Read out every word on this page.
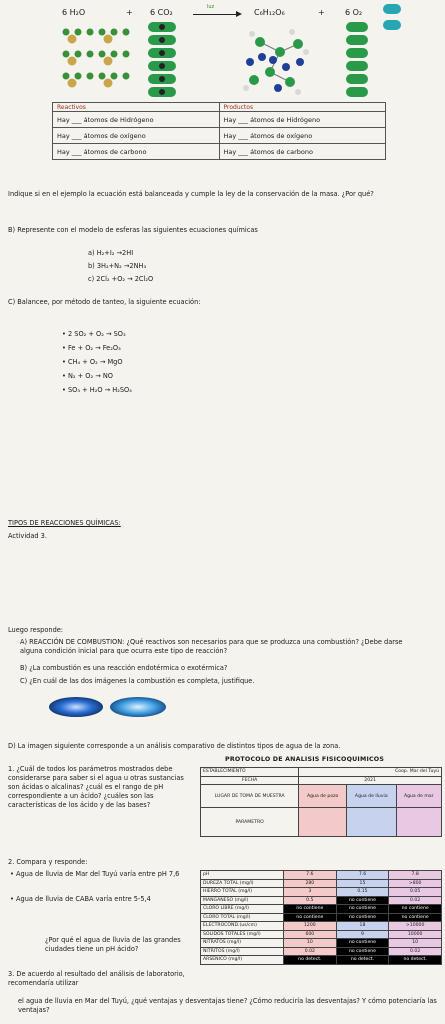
6 H₂O	+ 6 CO₂
luz
C₆H₁₂O₆	+	6 O₂
Reactivos	Productos
Hay ___ átomos de Hidrógeno	Hay ___ átomos de Hidrógeno
Hay ___ átomos de oxígeno	Hay ___ átomos de oxígeno
Hay ___ átomos de carbono	Hay ___ átomos de carbono
Indique si en el ejemplo la ecuación está balanceada y cumple la ley de la conservación de la masa. ¿Por qué?
B) Represente con el modelo de esferas las siguientes ecuaciones químicas
a) H₂+I₂ →2HI
b) 3H₂+N₂ →2NH₃
c) 2Cl₂ +O₂ → 2Cl₂O
C) Balancee, por método de tanteo, la siguiente ecuación:
• 2 SO₂ + O₂ → SO₃
• Fe + O₂ → Fe₂O₃
• CH₄ + O₂ → MgO
• N₂ + O₂ → NO
• SO₃ + H₂O → H₂SO₄
TIPOS DE REACCIONES QUÍMICAS:
Actividad 3.
Luego responde:
A) REACCIÓN DE COMBUSTION: ¿Qué reactivos son necesarios para que se produzca una combustión? ¿Debe darse alguna condición inicial para que ocurra este tipo de reacción?
B) ¿La combustión es una reacción endotérmica o exotérmica?
C) ¿En cuál de las dos imágenes la combustión es completa, justifique.
D) La imagen siguiente corresponde a un análisis comparativo de distintos tipos de agua de la zona.
1. ¿Cuál de todos los parámetros mostrados debe considerarse para saber si el agua u otras sustancias son ácidas o alcalinas? ¿cuál es el rango de pH correspondiente a un ácido? ¿cuáles son las características de los ácido y de las bases?
2. Compara y responde:
• Agua de lluvia de Mar del Tuyú varía entre pH 7,6
• Agua de lluvia de CABA varía entre 5-5,4
¿Por qué el agua de lluvia de las grandes ciudades tiene un pH ácido?
3. De acuerdo al resultado del análisis de laboratorio, recomendaría utilizar
el agua de lluvia en Mar del Tuyú, ¿qué ventajas y desventajas tiene? ¿Cómo reduciría las desventajas? Y cómo potenciaría las ventajas?
PROTOCOLO DE ANALISIS FISICOQUIMICOS
ESTABLECIMIENTO	Coop. Mar del Tuyú		
FECHA	2021		
LUGAR DE TOMA DE MUESTRA	Agua de pozo	Agua de lluvia	Agua de mar

PARAMETRO			
pH	7.6	7.6	7.8
DUREZA TOTAL (mg/l)	280	15	>800
HIERRO TOTAL (mg/l)	3	0.15	0.05
MANGANESO (mg/l)	0.5	no contiene	0.02
CLORO LIBRE (mg/l)	no contiene	no contiene	no contiene
CLORO TOTAL (mg/l)	no contiene	no contiene	no contiene
ELECTROCOND.(us/cm)	1200	18	>10000
SOLIDOS TOTALES (mg/l)	600	9	10000
NITRATOS (mg/l)	10	no contiene	10
NITRITOS (mg/l)	0.02	no contiene	0.02
ARSENICO (mg/l)	no detect.	no detect.	no detect.
